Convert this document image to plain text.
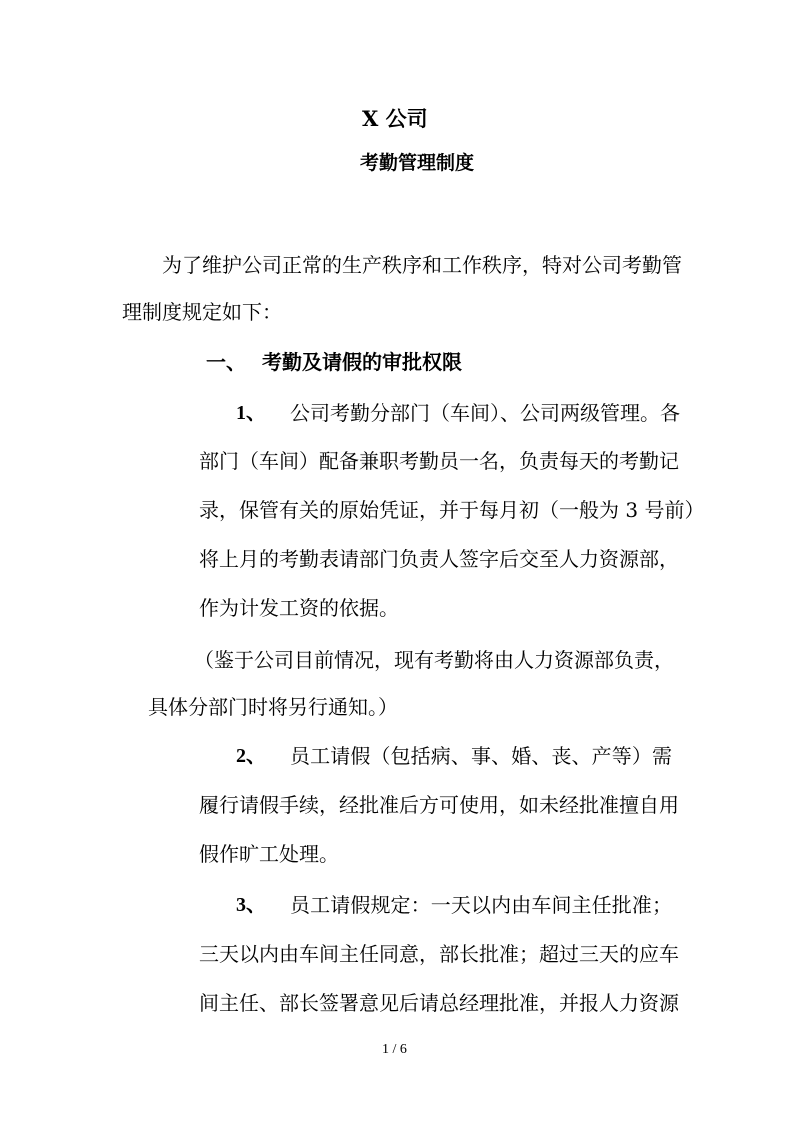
X 公司
考勤管理制度
为了维护公司正常的生产秩序和工作秩序，特对公司考勤管
理制度规定如下：
一、 考勤及请假的审批权限
1、 公司考勤分部门（车间）、公司两级管理。各
部门（车间）配备兼职考勤员一名，负责每天的考勤记
录，保管有关的原始凭证，并于每月初（一般为 3 号前）
将上月的考勤表请部门负责人签字后交至人力资源部，
作为计发工资的依据。
（鉴于公司目前情况，现有考勤将由人力资源部负责，
具体分部门时将另行通知。）
2、 员工请假（包括病、事、婚、丧、产等）需
履行请假手续，经批准后方可使用，如未经批准擅自用
假作旷工处理。
3、 员工请假规定：一天以内由车间主任批准；
三天以内由车间主任同意，部长批准；超过三天的应车
间主任、部长签署意见后请总经理批准，并报人力资源
1 / 6
